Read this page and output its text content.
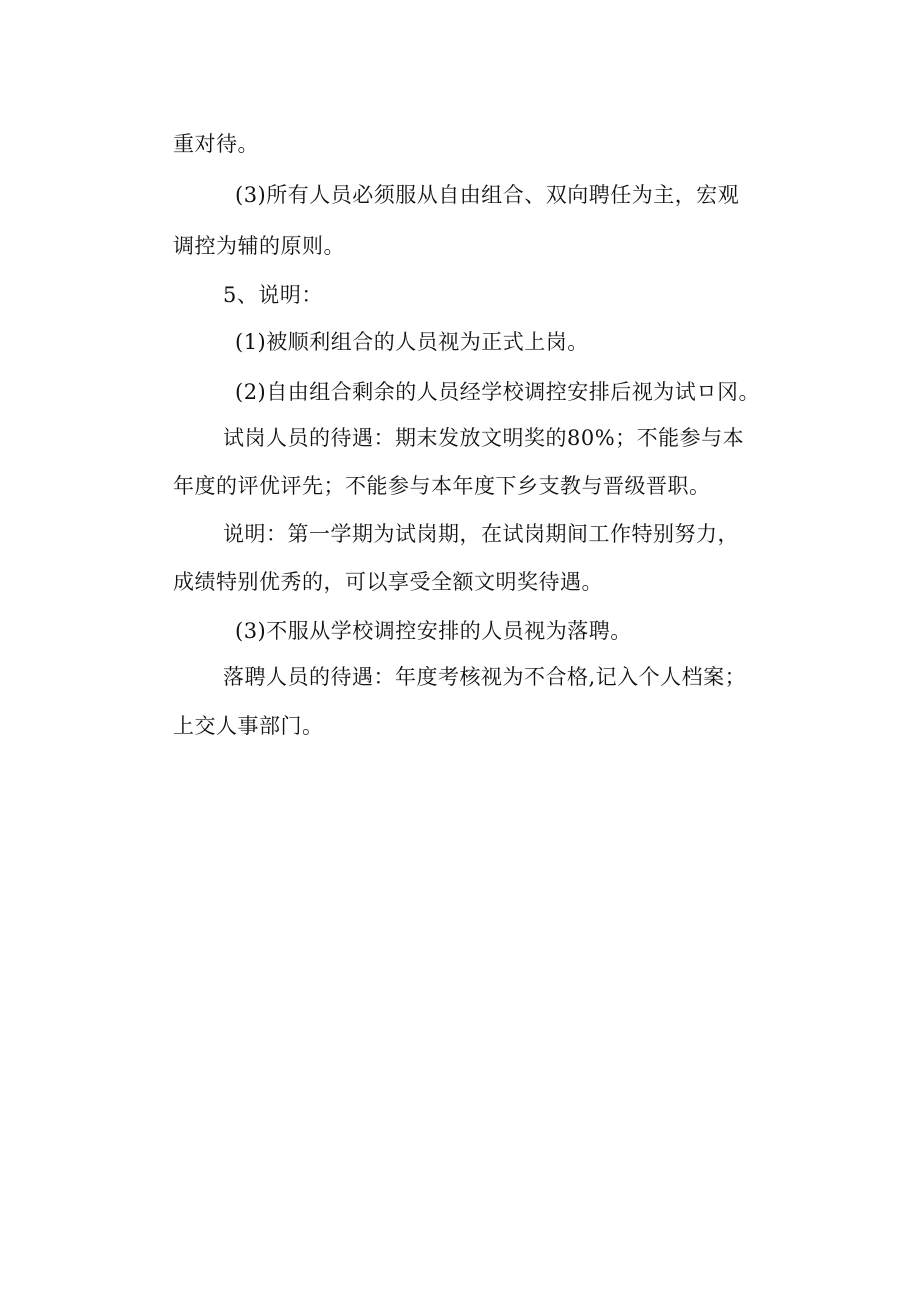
重对待。
(3)所有人员必须服从自由组合、双向聘任为主，宏观
调控为辅的原则。
5、说明：
(1)被顺利组合的人员视为正式上岗。
(2)自由组合剩余的人员经学校调控安排后视为试ㅁ冈。
试岗人员的待遇：期末发放文明奖的80%；不能参与本
年度的评优评先；不能参与本年度下乡支教与晋级晋职。
说明：第一学期为试岗期，在试岗期间工作特别努力，
成绩特别优秀的，可以享受全额文明奖待遇。
(3)不服从学校调控安排的人员视为落聘。
落聘人员的待遇：年度考核视为不合格,记入个人档案；
上交人事部门。
